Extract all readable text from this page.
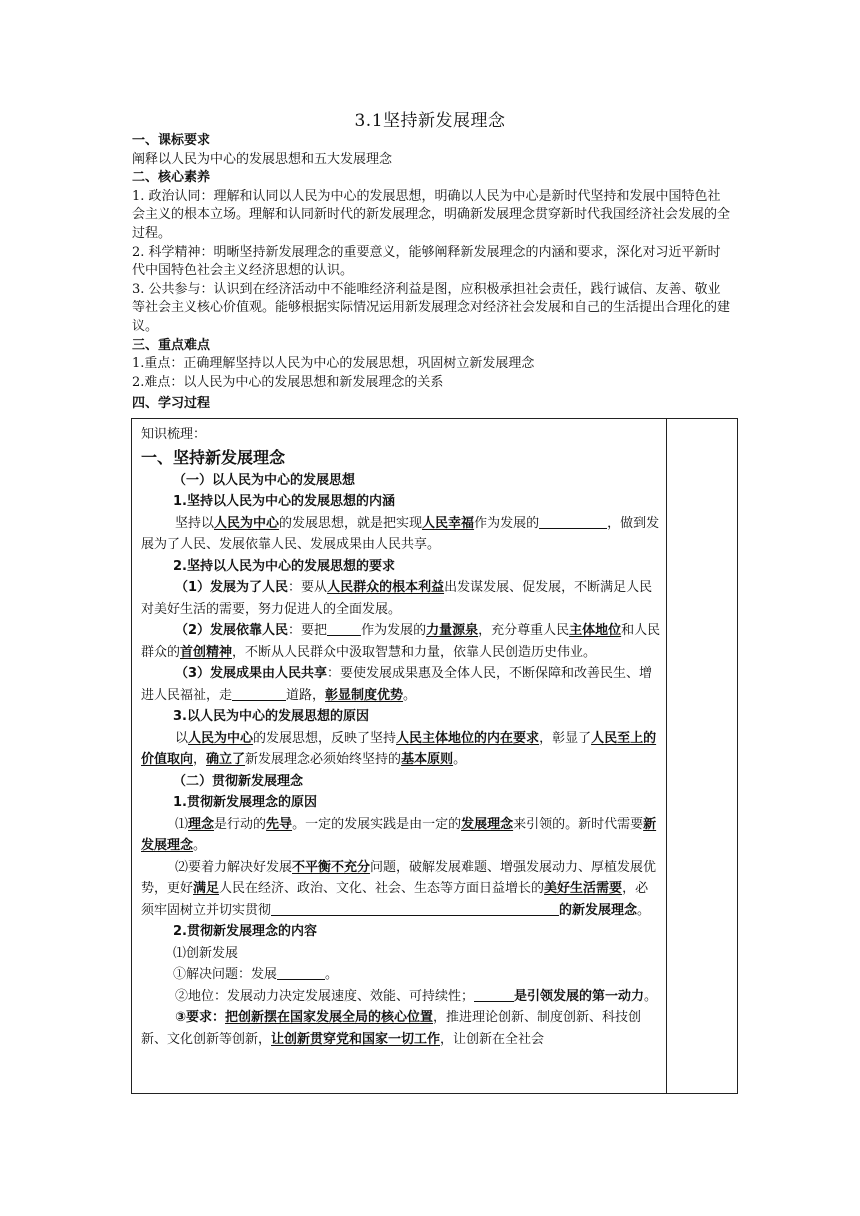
3.1坚持新发展理念
一、课标要求

阐释以人民为中心的发展思想和五大发展理念

二、核心素养

1. 政治认同：理解和认同以人民为中心的发展思想，明确以人民为中心是新时代坚持和发展中国特色社会主义的根本立场。理解和认同新时代的新发展理念，明确新发展理念贯穿新时代我国经济社会发展的全过程。

2. 科学精神：明晰坚持新发展理念的重要意义，能够阐释新发展理念的内涵和要求，深化对习近平新时代中国特色社会主义经济思想的认识。

3. 公共参与：认识到在经济活动中不能唯经济利益是图，应积极承担社会责任，践行诚信、友善、敬业等社会主义核心价值观。能够根据实际情况运用新发展理念对经济社会发展和自己的生活提出合理化的建议。

三、重点难点

1.重点：正确理解坚持以人民为中心的发展思想，巩固树立新发展理念

2.难点：以人民为中心的发展思想和新发展理念的关系

四、学习过程
知识梳理：
一、坚持新发展理念
（一）以人民为中心的发展思想
1.坚持以人民为中心的发展思想的内涵
坚持以人民为中心的发展思想，就是把实现人民幸福作为发展的	，做到发展为了人民、发展依靠人民、发展成果由人民共享。
2.坚持以人民为中心的发展思想的要求
（1）发展为了人民：要从人民群众的根本利益出发谋发展、促发展，不断满足人民对美好生活的需要，努力促进人的全面发展。
（2）发展依靠人民：要把	作为发展的力量源泉，充分尊重人民主体地位和人民群众的首创精神，不断从人民群众中汲取智慧和力量，依靠人民创造历史伟业。
（3）发展成果由人民共享：要使发展成果惠及全体人民，不断保障和改善民生、增进人民福祉，走	道路，彰显制度优势。
3.以人民为中心的发展思想的原因
以人民为中心的发展思想，反映了坚持人民主体地位的内在要求，彰显了人民至上的价值取向，确立了新发展理念必须始终坚持的基本原则。
（二）贯彻新发展理念
1.贯彻新发展理念的原因
⑴理念是行动的先导。一定的发展实践是由一定的发展理念来引领的。新时代需要新发展理念。
⑵要着力解决好发展不平衡不充分问题，破解发展难题、增强发展动力、厚植发展优势，更好满足人民在经济、政治、文化、社会、生态等方面日益增长的美好生活需要，必须牢固树立并切实贯彻	的新发展理念。
2.贯彻新发展理念的内容
⑴创新发展
①解决问题：发展	。
②地位：发展动力决定发展速度、效能、可持续性；	是引领发展的第一动力。
③要求：把创新摆在国家发展全局的核心位置，推进理论创新、制度创新、科技创新、文化创新等创新，让创新贯穿党和国家一切工作，让创新在全社会
